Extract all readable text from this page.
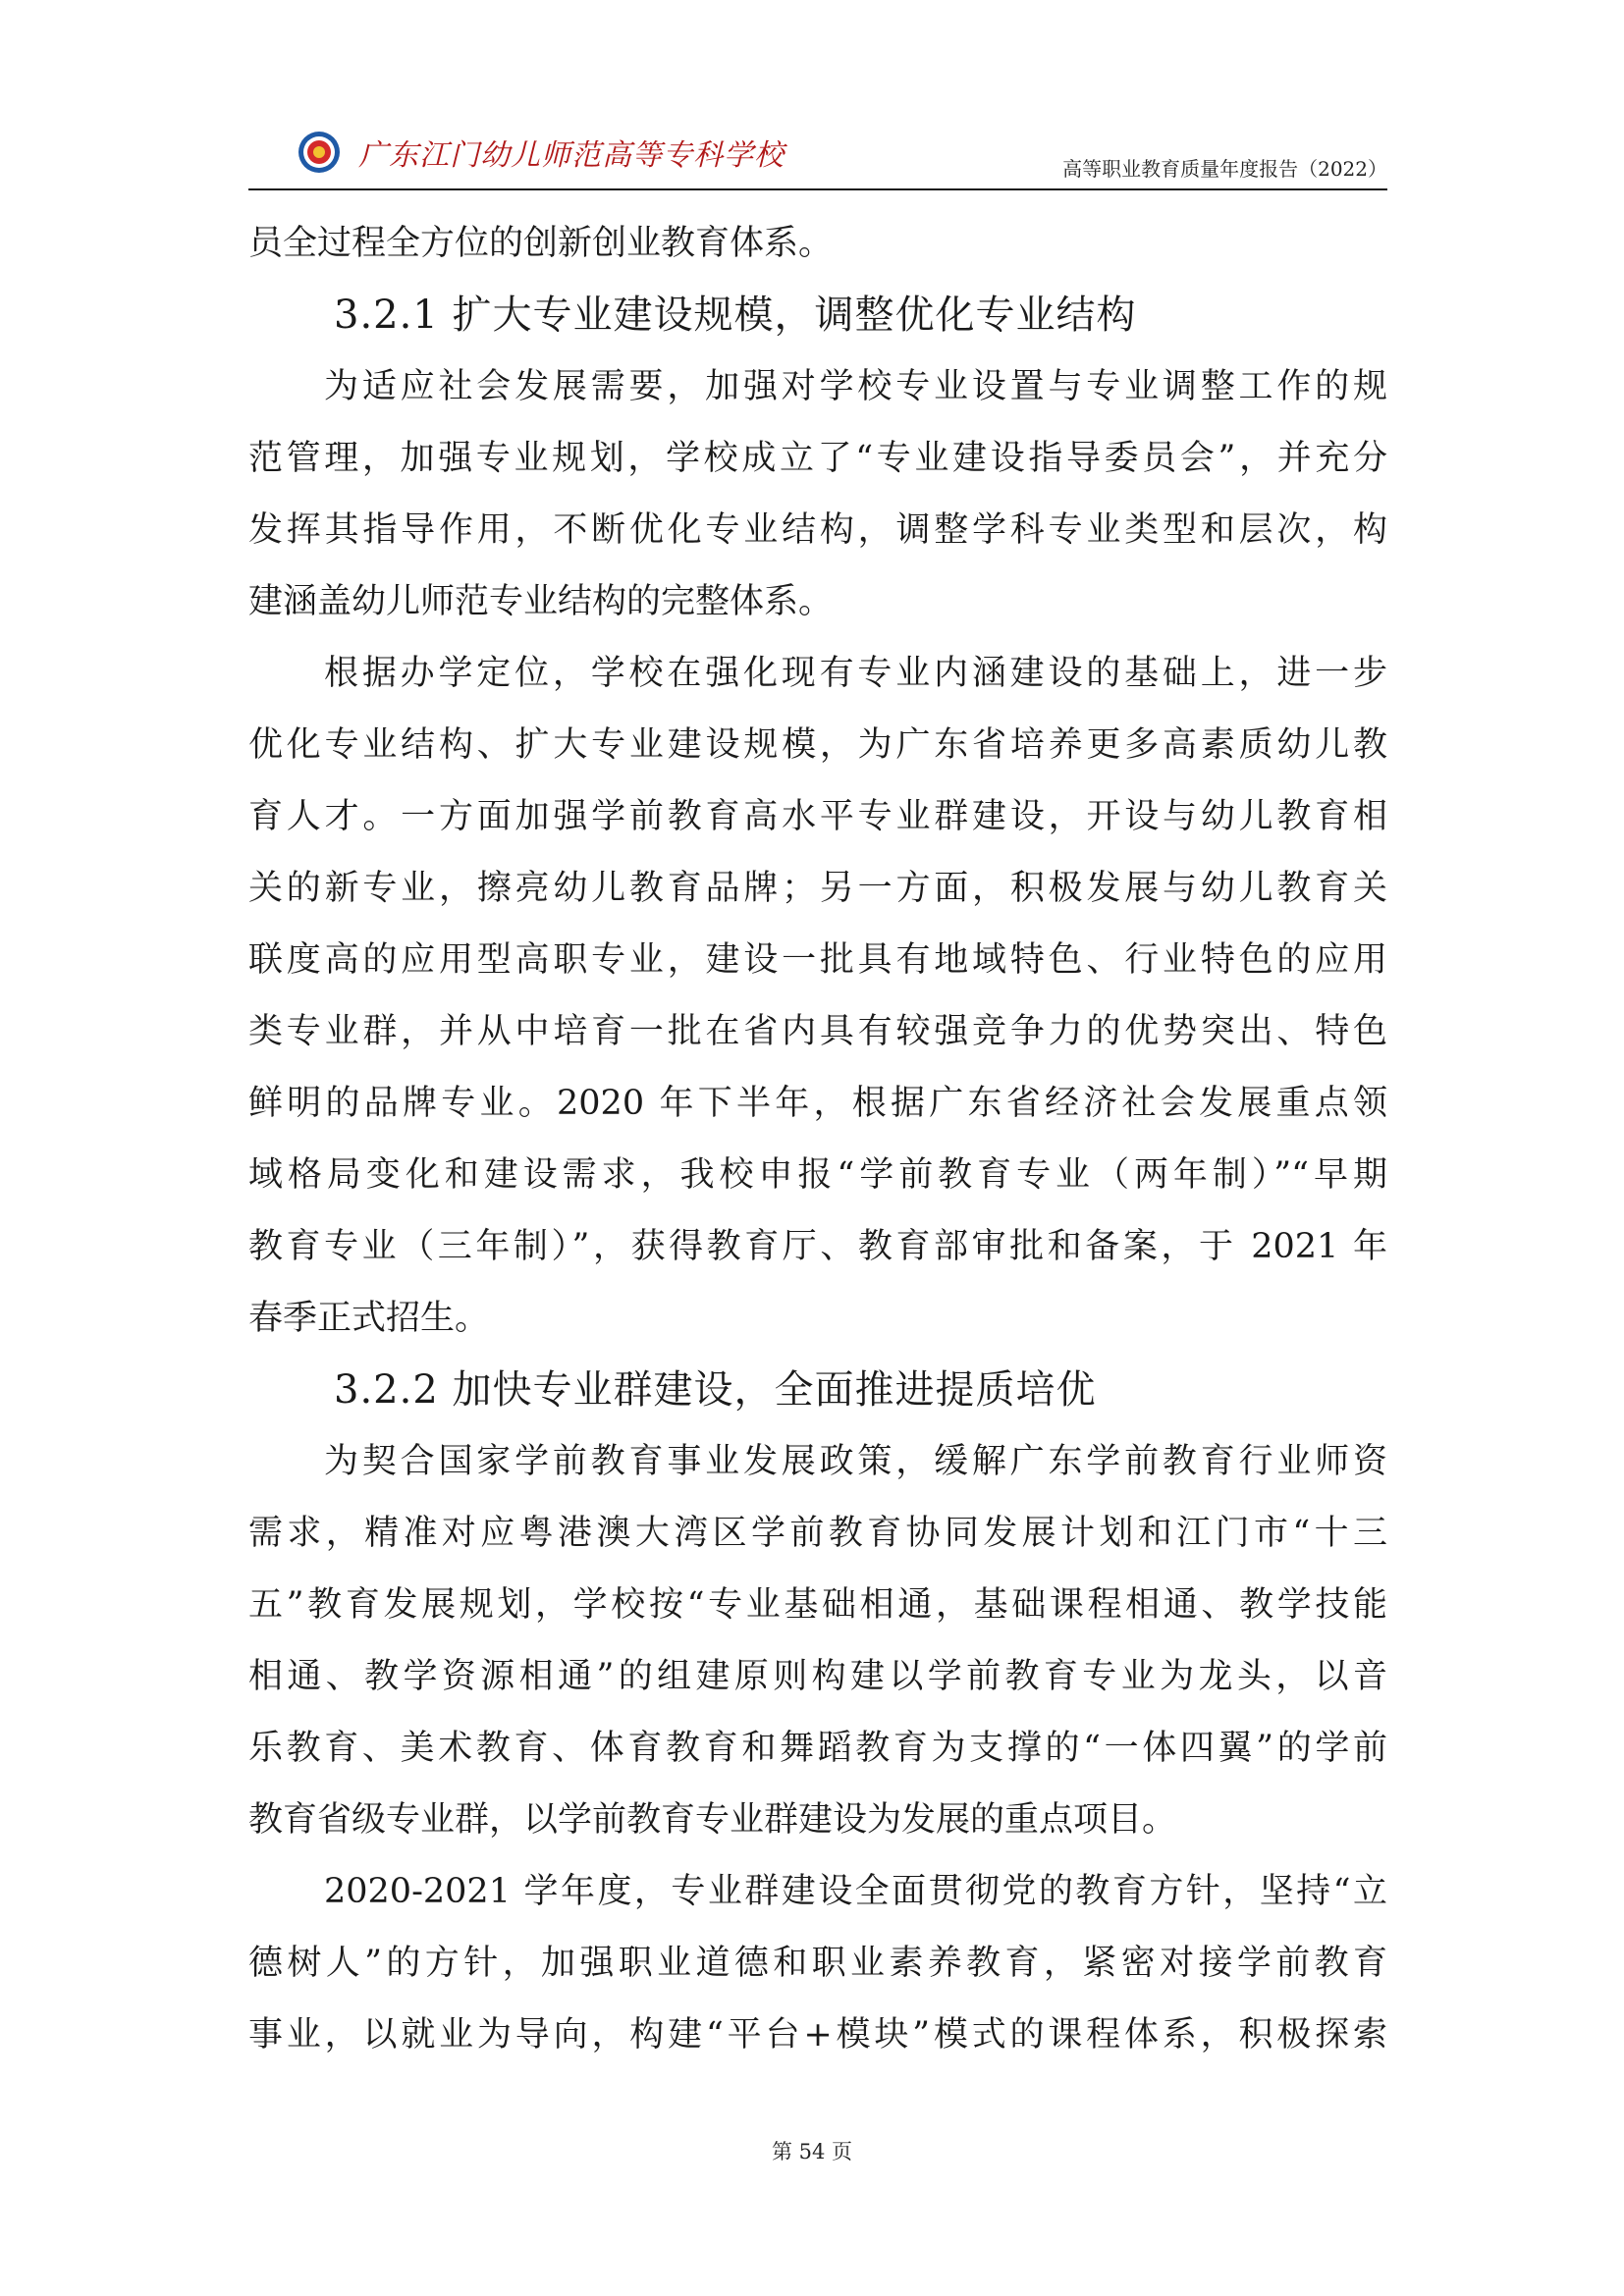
广东江门幼儿师范高等专科学校	高等职业教育质量年度报告（2022）
员全过程全方位的创新创业教育体系。
3.2.1 扩大专业建设规模，调整优化专业结构
为适应社会发展需要，加强对学校专业设置与专业调整工作的规
范管理，加强专业规划，学校成立了“专业建设指导委员会”，并充分
发挥其指导作用，不断优化专业结构，调整学科专业类型和层次，构
建涵盖幼儿师范专业结构的完整体系。
根据办学定位，学校在强化现有专业内涵建设的基础上，进一步
优化专业结构、扩大专业建设规模，为广东省培养更多高素质幼儿教
育人才。一方面加强学前教育高水平专业群建设，开设与幼儿教育相
关的新专业，擦亮幼儿教育品牌；另一方面，积极发展与幼儿教育关
联度高的应用型高职专业，建设一批具有地域特色、行业特色的应用
类专业群，并从中培育一批在省内具有较强竞争力的优势突出、特色
鲜明的品牌专业。2020 年下半年，根据广东省经济社会发展重点领
域格局变化和建设需求，我校申报“学前教育专业（两年制）”“早期
教育专业（三年制）”，获得教育厅、教育部审批和备案，于 2021 年
春季正式招生。
3.2.2 加快专业群建设，全面推进提质培优
为契合国家学前教育事业发展政策，缓解广东学前教育行业师资
需求，精准对应粤港澳大湾区学前教育协同发展计划和江门市“十三
五”教育发展规划，学校按“专业基础相通，基础课程相通、教学技能
相通、教学资源相通”的组建原则构建以学前教育专业为龙头，以音
乐教育、美术教育、体育教育和舞蹈教育为支撑的“一体四翼”的学前
教育省级专业群，以学前教育专业群建设为发展的重点项目。
2020-2021 学年度，专业群建设全面贯彻党的教育方针，坚持“立
德树人”的方针，加强职业道德和职业素养教育，紧密对接学前教育
事业，以就业为导向，构建“平台+模块”模式的课程体系，积极探索
第 54 页
